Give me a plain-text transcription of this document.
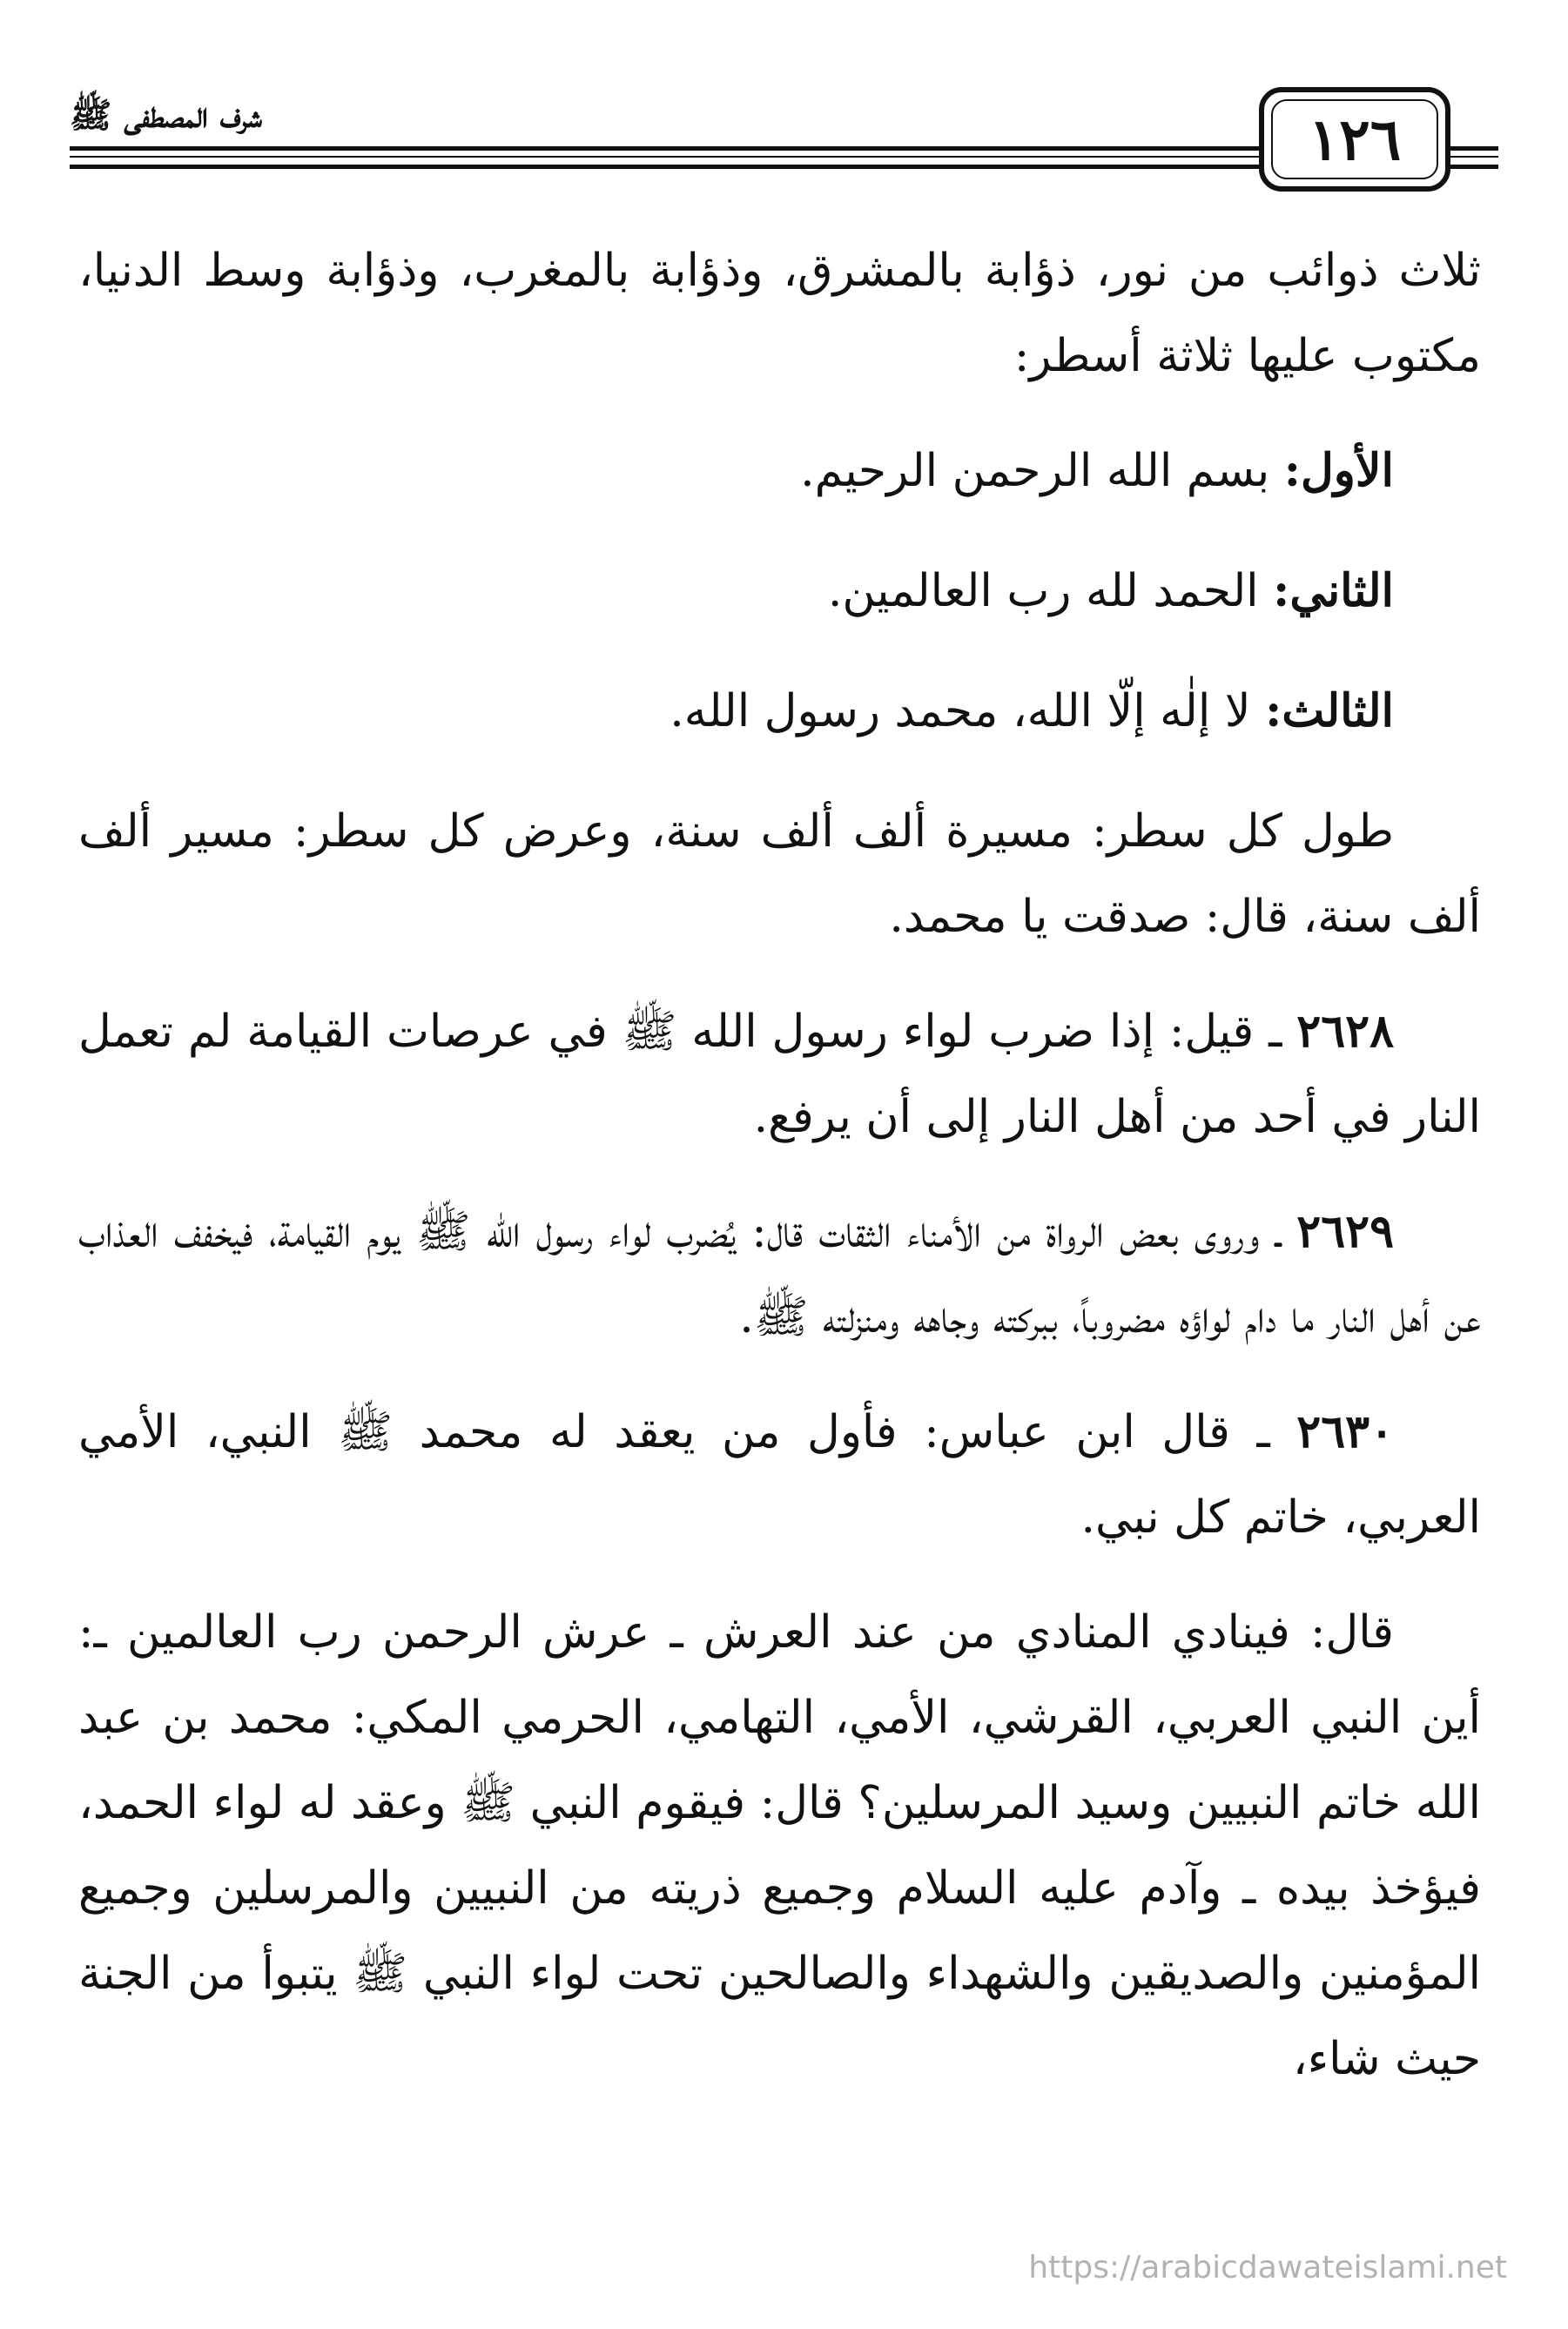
شرف المصطفى ﷺ	١٢٦

ثلاث ذوائب من نور، ذؤابة بالمشرق، وذؤابة بالمغرب، وذؤابة وسط الدنيا، مكتوب عليها ثلاثة أسطر:

الأول: بسم الله الرحمن الرحيم.

الثاني: الحمد لله رب العالمين.

الثالث: لا إلٰه إلّا الله، محمد رسول الله.

طول كل سطر: مسيرة ألف ألف سنة، وعرض كل سطر: مسير ألف ألف سنة، قال: صدقت يا محمد.

٢٦٢٨ ـ قيل: إذا ضرب لواء رسول الله ﷺ في عرصات القيامة لم تعمل النار في أحد من أهل النار إلى أن يرفع.

٢٦٢٩ ـ وروى بعض الرواة من الأمناء الثقات قال: يُضرب لواء رسول الله ﷺ يوم القيامة، فيخفف العذاب عن أهل النار ما دام لواؤه مضروباً، ببركته وجاهه ومنزلته ﷺ.

٢٦٣٠ ـ قال ابن عباس: فأول من يعقد له محمد ﷺ النبي، الأمي العربي، خاتم كل نبي.

قال: فينادي المنادي من عند العرش ـ عرش الرحمن رب العالمين ـ: أين النبي العربي، القرشي، الأمي، التهامي، الحرمي المكي: محمد بن عبد الله خاتم النبيين وسيد المرسلين؟ قال: فيقوم النبي ﷺ وعقد له لواء الحمد، فيؤخذ بيده ـ وآدم عليه السلام وجميع ذريته من النبيين والمرسلين وجميع المؤمنين والصديقين والشهداء والصالحين تحت لواء النبي ﷺ يتبوأ من الجنة حيث شاء،

https://arabicdawateislami.net
